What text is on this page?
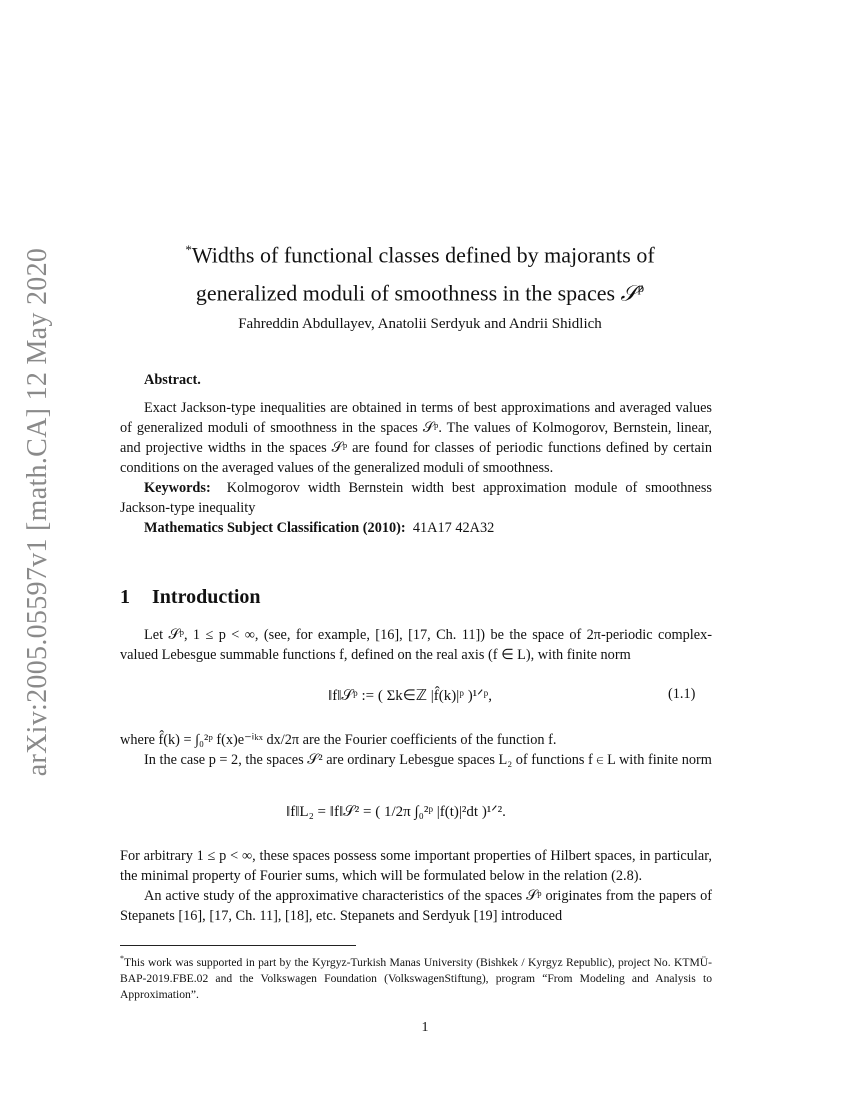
arXiv:2005.05597v1 [math.CA] 12 May 2020	*Widths of functional classes defined by majorants of
generalized moduli of smoothness in the spaces 𝒮$^p$
Fahreddin Abdullayev, Anatolii Serdyuk and Andrii Shidlich
Abstract.

Exact Jackson-type inequalities are obtained in terms of best approximations and averaged values of generalized moduli of smoothness in the spaces 𝒮ᵖ. The values of Kolmogorov, Bernstein, linear, and projective widths in the spaces 𝒮ᵖ are found for classes of periodic functions defined by certain conditions on the averaged values of the generalized moduli of smoothness.

Keywords: Kolmogorov width Bernstein width best approximation module of smoothness Jackson-type inequality

Mathematics Subject Classification (2010): 41A17 42A32

1 Introduction

Let 𝒮ᵖ, 1 ≤ p < ∞, (see, for example, [16], [17, Ch. 11]) be the space of 2π-periodic complex-valued Lebesgue summable functions f, defined on the real axis (f ∈ L), with finite norm

‖f‖𝒮ᵖ := ( Σk∈ℤ |f̂(k)|ᵖ )¹ᐟᵖ,	(1.1)

where f̂(k) = ∫₀²ᵖ f(x)e⁻ⁱᵏˣ dx/2π are the Fourier coefficients of the function f.

In the case p = 2, the spaces 𝒮² are ordinary Lebesgue spaces L₂ of functions f ∈ L with finite norm

‖f‖L₂ = ‖f‖𝒮² = ( 1/2π ∫₀²ᵖ |f(t)|²dt )¹ᐟ².

For arbitrary 1 ≤ p < ∞, these spaces possess some important properties of Hilbert spaces, in particular, the minimal property of Fourier sums, which will be formulated below in the relation (2.8).

An active study of the approximative characteristics of the spaces 𝒮ᵖ originates from the papers of Stepanets [16], [17, Ch. 11], [18], etc. Stepanets and Serdyuk [19] introduced

*This work was supported in part by the Kyrgyz-Turkish Manas University (Bishkek / Kyrgyz Republic), project No. KTMÜ-BAP-2019.FBE.02 and the Volkswagen Foundation (VolkswagenStiftung), program “From Modeling and Analysis to Approximation”.
1
